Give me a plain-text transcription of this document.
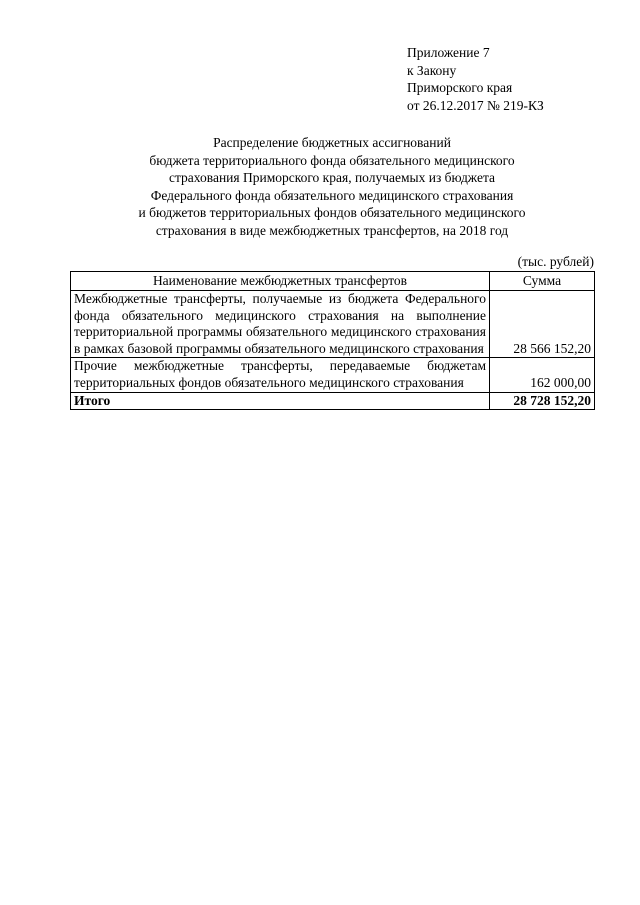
Приложение 7
к Закону
Приморского края
от 26.12.2017 № 219-КЗ
Распределение бюджетных ассигнований
бюджета территориального фонда обязательного медицинского
страхования Приморского края, получаемых из бюджета
Федерального фонда обязательного медицинского страхования
и бюджетов территориальных фондов обязательного медицинского
страхования в виде межбюджетных трансфертов, на 2018 год
(тыс. рублей)
Наименование межбюджетных трансфертов	Сумма
Межбюджетные трансферты, получаемые из бюджета Федерального фонда обязательного медицинского страхования на выполнение территориальной программы обязательного медицинского страхования в рамках базовой программы обязательного медицинского страхования	28 566 152,20
Прочие межбюджетные трансферты, передаваемые бюджетам территориальных фондов обязательного медицинского страхования	162 000,00
Итого	28 728 152,20
